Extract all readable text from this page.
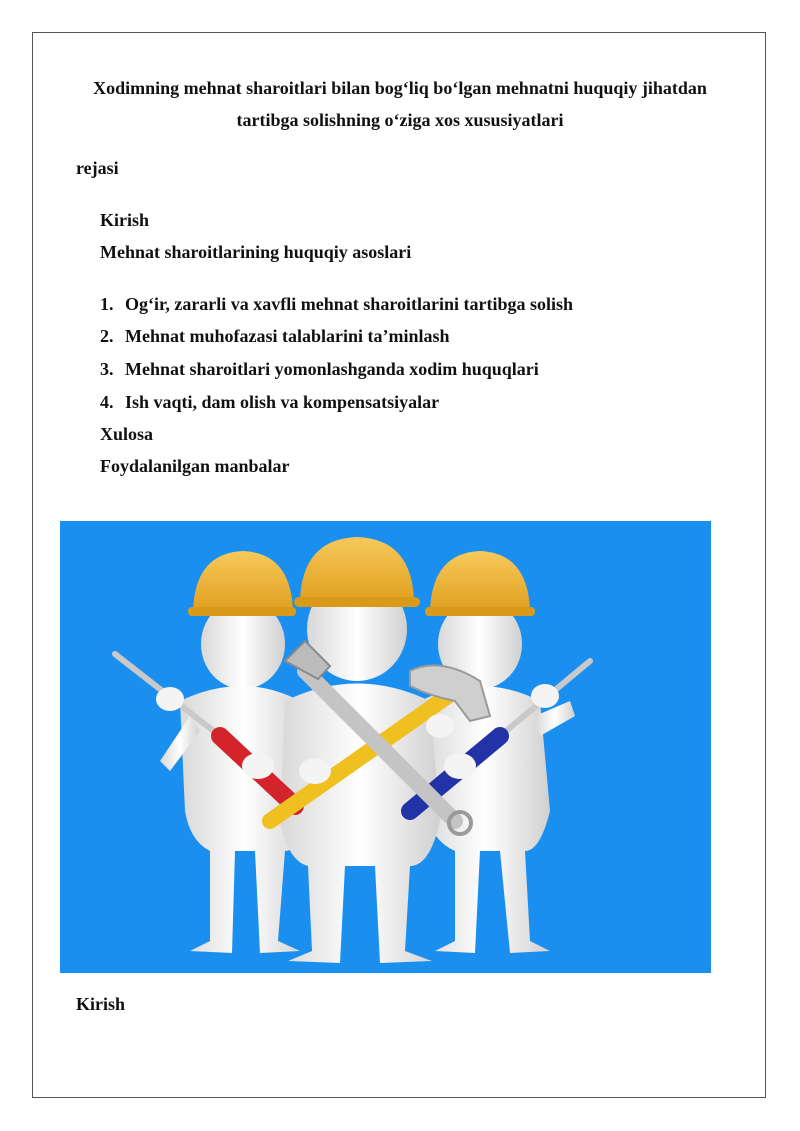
Xodimning mehnat sharoitlari bilan bog‘liq bo‘lgan mehnatni huquqiy jihatdan
tartibga solishning o‘ziga xos xususiyatlari
rejasi
Kirish
Mehnat sharoitlarining huquqiy asoslari
1. Og‘ir, zararli va xavfli mehnat sharoitlarini tartibga solish
2. Mehnat muhofazasi talablarini ta’minlash
3. Mehnat sharoitlari yomonlashganda xodim huquqlari
4. Ish vaqti, dam olish va kompensatsiyalar
Xulosa
Foydalanilgan manbalar
Kirish
